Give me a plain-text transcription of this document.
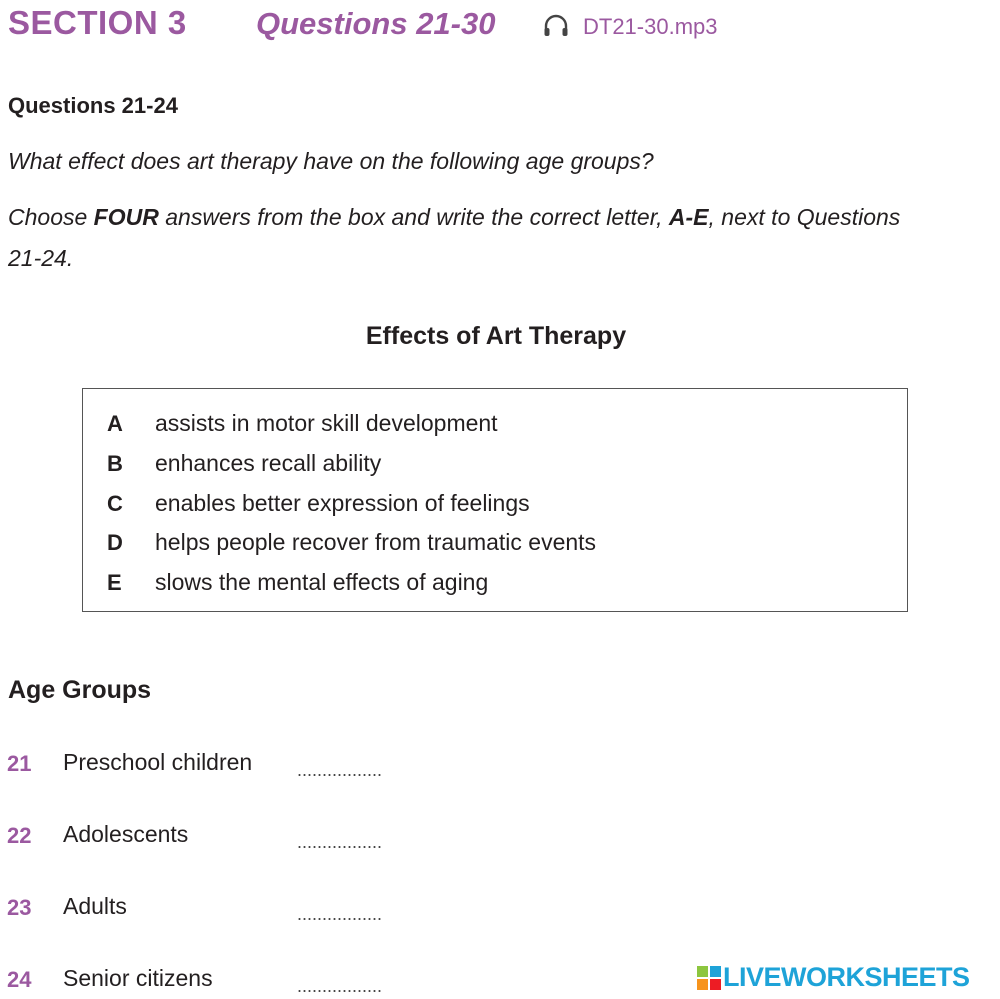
SECTION 3 Questions 21-30	DT21-30.mp3
Questions 21-24
What effect does art therapy have on the following age groups?
Choose FOUR answers from the box and write the correct letter, A-E, next to Questions
21-24.
Effects of Art Therapy
A assists in motor skill development
B enhances recall ability
C enables better expression of feelings
D helps people recover from traumatic events
E slows the mental effects of aging
Age Groups
21 Preschool children .................
22 Adolescents	.................
23 Adults	.................
24 Senior citizens	.................	LIVEWORKSHEETS
